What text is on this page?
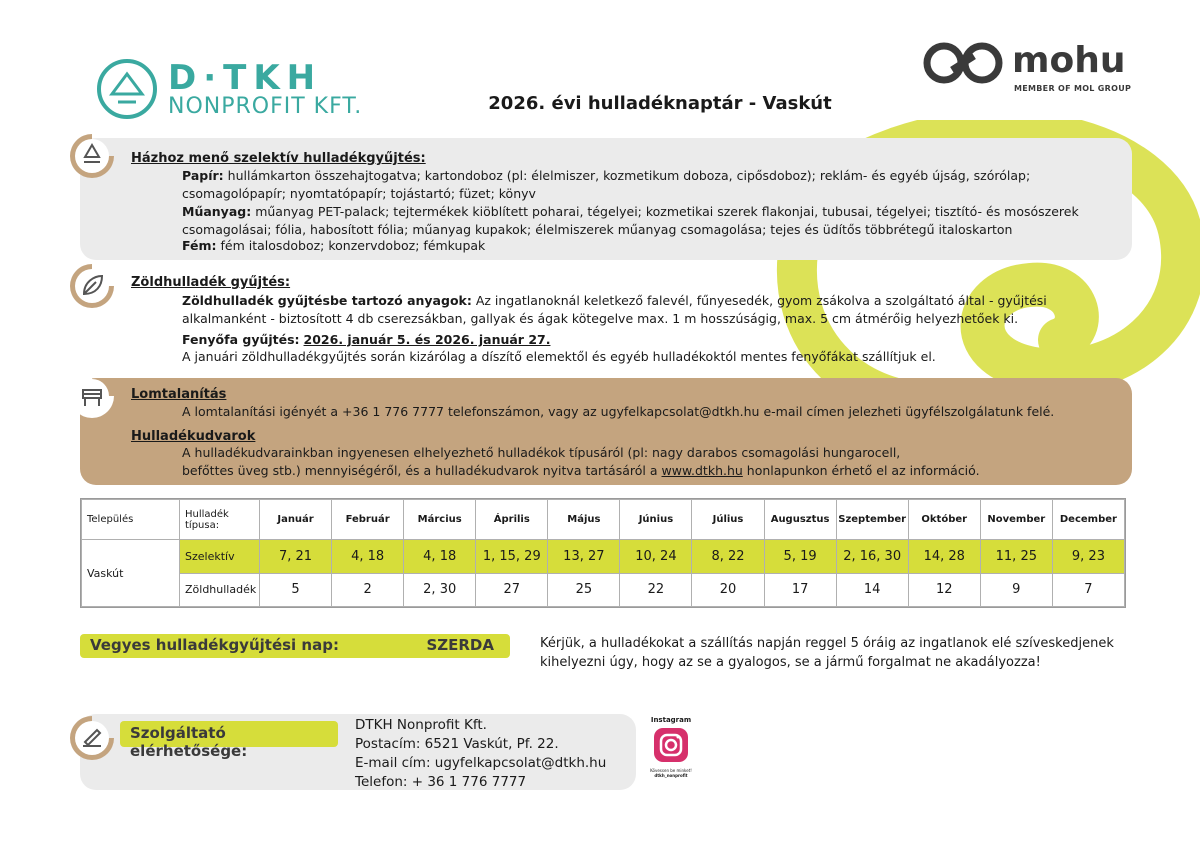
D·TKH
NONPROFIT KFT.	2026. évi hulladéknaptár - Vaskút
mohu
MEMBER OF MOL GROUP
Házhoz menő szelektív hulladékgyűjtés:
Papír: hullámkarton összehajtogatva; kartondoboz (pl: élelmiszer, kozmetikum doboza, cipősdoboz); reklám- és egyéb újság, szórólap;
csomagolópapír; nyomtatópapír; tojástartó; füzet; könyv
Műanyag: műanyag PET-palack; tejtermékek kiöblített poharai, tégelyei; kozmetikai szerek flakonjai, tubusai, tégelyei; tisztító- és mosószerek
csomagolásai; fólia, habosított fólia; műanyag kupakok; élelmiszerek műanyag csomagolása; tejes és üdítős többrétegű italoskarton
Fém: fém italosdoboz; konzervdoboz; fémkupak
Zöldhulladék gyűjtés:
Zöldhulladék gyűjtésbe tartozó anyagok: Az ingatlanoknál keletkező falevél, fűnyesedék, gyom zsákolva a szolgáltató által - gyűjtési
alkalmanként - biztosított 4 db cserezsákban, gallyak és ágak kötegelve max. 1 m hosszúságig, max. 5 cm átmérőig helyezhetőek ki.
Fenyőfa gyűjtés: 2026. január 5. és 2026. január 27.
A januári zöldhulladékgyűjtés során kizárólag a díszítő elemektől és egyéb hulladékoktól mentes fenyőfákat szállítjuk el.
Lomtalanítás
A lomtalanítási igényét a +36 1 776 7777 telefonszámon, vagy az ugyfelkapcsolat@dtkh.hu e-mail címen jelezheti ügyfélszolgálatunk felé.
Hulladékudvarok
A hulladékudvarainkban ingyenesen elhelyezhető hulladékok típusáról (pl: nagy darabos csomagolási hungarocell,
befőttes üveg stb.) mennyiségéről, és a hulladékudvarok nyitva tartásáról a www.dtkh.hu honlapunkon érhető el az információ.
Település	Hulladék típusa:	Január	Február	Március	Április	Május	Június	Július	Augusztus	Szeptember	Október	November	December
Vaskút	Szelektív	7, 21	4, 18	4, 18	1, 15, 29	13, 27	10, 24	8, 22	5, 19	2, 16, 30	14, 28	11, 25	9, 23
	Zöldhulladék	5	2	2, 30	27	25	22	20	17	14	12	9	7
Vegyes hulladékgyűjtési nap:	SZERDA	Kérjük, a hulladékokat a szállítás napján reggel 5 óráig az ingatlanok elé szíveskedjenek
kihelyezni úgy, hogy az se a gyalogos, se a jármű forgalmat ne akadályozza!
Szolgáltató elérhetősége:
DTKH Nonprofit Kft.
Postacím: 6521 Vaskút, Pf. 22.
E-mail cím: ugyfelkapcsolat@dtkh.hu
Telefon: + 36 1 776 7777
Instagram
Kövessen be minket!
dtkh_nonprofit
